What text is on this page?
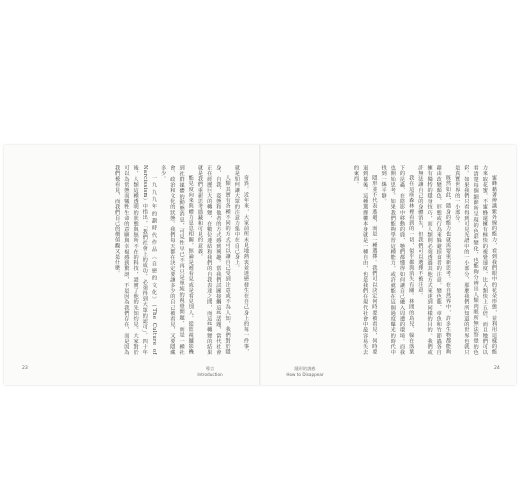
奇異。近年來，大家前所未見地熱衷並迷戀發生在自己身上的每一件事，就是如何讓大眾的注意力集中在自己身上。

人類其實有各種不同的方式可以讓自己受到注意或不為人知，我們對於隱身、自我、姿態和他者的方式感到興趣。當我們試圖接觸這些話題，當代社會正在經歷巨大的轉變，在數位連結和我們的自我表達之間，而這些轉變的結果就是我們重新思考隱藏和可見的意義。

能見度向來與權力息息相關，無論是被看見或是看見別人。從監視攝影機到社群媒體的動態消息，可見性早已不再只是單純的視覺問題，而是一種社會、政治和文化的狀態。我們每天都在決定要讓多少的自己被看見，又要隱藏多少。

一九九九年的劃時代作品《自戀的文化》（The Culture of Narcissism）中指出，「我們社會上的成功，必須得到大眾的認可」。四十年後，人類這種透明的狀態與無所不在的科技，證實了他的先知灼見。大家對於可以為常態而犧牲生命的意願與幸福感到驚訝，不是因為我們存在，而是因為我們被看見，而我們自己的價值觀又是什麼。

23	導言
Introduction

蜜蜂藉著辨識紫外線的能力，看到我們眼中的花朵形態，並利用這樣的能力來取花蜜。不蜜蜂還擁有極快的視覺速度，比人類快上五倍，而且牠們可以看清楚每個細節所呈現的色彩變化，也能夠分辨出人類肉眼所無法察覺的色彩。如果我們只看得到可見光譜中的一小部分，那麼我們所知道的世界也就只是真實世界的一小部分。

既然如此，隱身的能力也就需要重新思考。在自然界中，許多生物都能夠藉由改變顏色、形態或行為來躲避掠食者的注意。變色龍、章魚和竹節蟲各自擁有獨特的隱身技巧，而人類則必須透過其他方式來達到同樣的目的。我們或許無法讓自己的身體消失，但我們可以選擇不被注意。

我在這座森林裡看到的一切，似乎都與消失有關。林間的鳥兒、躲在落葉下的昆蟲、在陰影中移動的鹿，牠們都懂得如何讓自己融入周遭的環境。而我也開始思考，如果我們能夠學習這種能力，或許就能在這個過度曝光的時代中找到一絲平靜。

隱形並不代表逃避，而是一種選擇。我們可以決定何時要被看見，何時要退到幕後。這種選擇權本身就是一種自由，也是我們在現代社會中最容易失去的東西。

隱形的誘惑
How to Disappear
24
